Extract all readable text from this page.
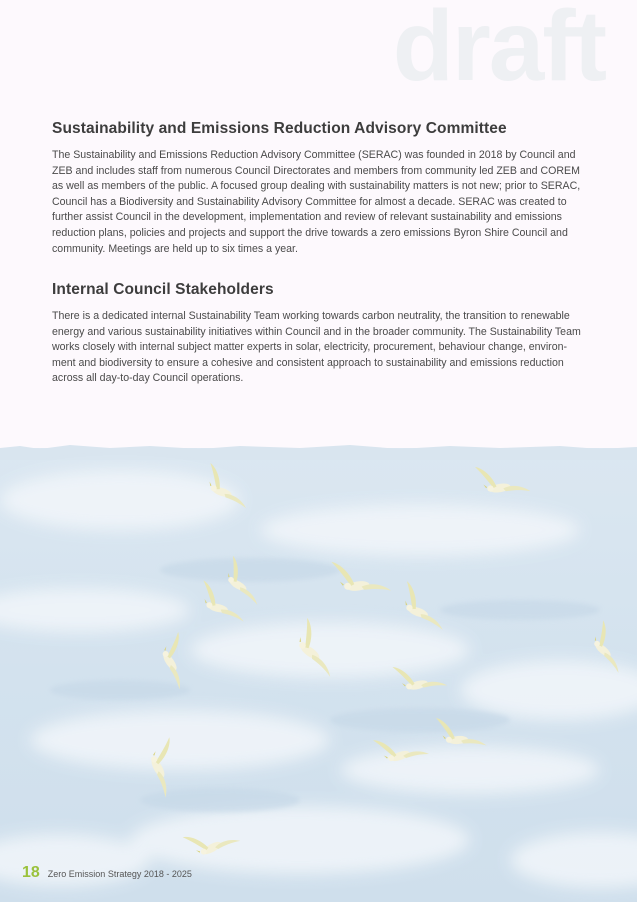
draft
Sustainability and Emissions Reduction Advisory Committee

The Sustainability and Emissions Reduction Advisory Committee (SERAC) was founded in 2018 by Council and ZEB and includes staff from numerous Council Directorates and members from community led ZEB and COREM as well as members of the public. A focused group dealing with sustainability matters is not new; prior to SERAC, Council has a Biodiversity and Sustainability Advisory Committee for almost a decade. SERAC was created to further assist Council in the development, implementation and review of relevant sustainability and emissions reduction plans, policies and projects and support the drive towards a zero emissions Byron Shire Council and community. Meetings are held up to six times a year.

Internal Council Stakeholders

There is a dedicated internal Sustainability Team working towards carbon neutrality, the transition to renewable energy and various sustainability initiatives within Council and in the broader community. The Sustainability Team works closely with internal subject matter experts in solar, electricity, procurement, behaviour change, environ-ment and biodiversity to ensure a cohesive and consistent approach to sustainability and emissions reduction across all day-to-day Council operations.

18 Zero Emission Strategy 2018 - 2025
